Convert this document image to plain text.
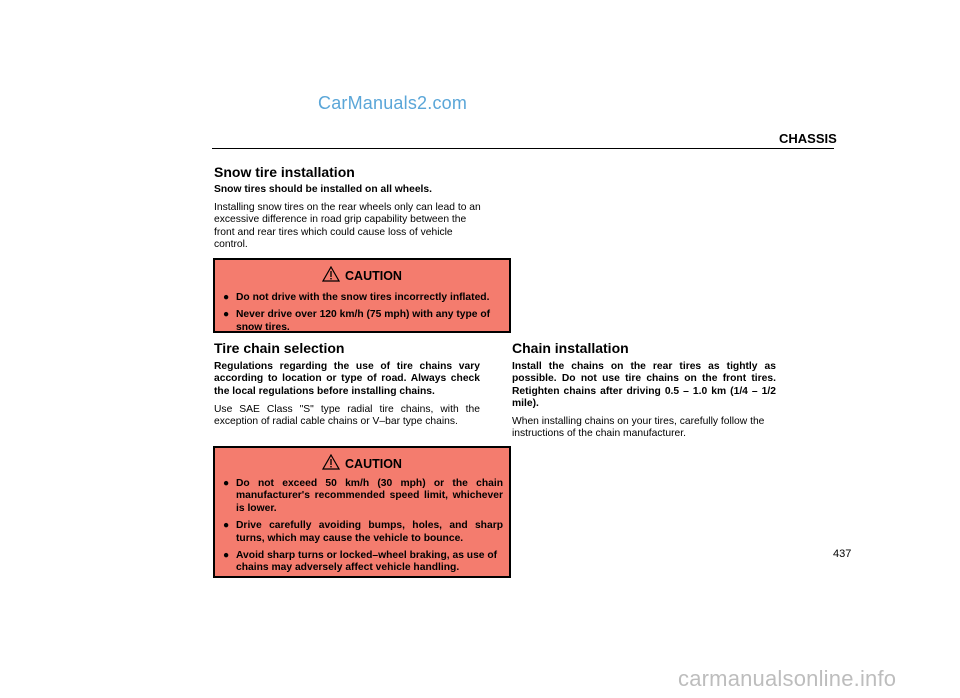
CarManuals2.com
CHASSIS
Snow tire installation
Snow tires should be installed on all wheels.
Installing snow tires on the rear wheels only can lead to an excessive difference in road grip capability between the front and rear tires which could cause loss of vehicle control.
CAUTION
● Do not drive with the snow tires incorrectly inflated.
● Never drive over 120 km/h (75 mph) with any type of snow tires.
Tire chain selection
Regulations regarding the use of tire chains vary according to location or type of road. Always check the local regulations before installing chains.
Use SAE Class "S" type radial tire chains, with the exception of radial cable chains or V–bar type chains.
CAUTION
● Do not exceed 50 km/h (30 mph) or the chain manufacturer's recommended speed limit, whichever is lower.
● Drive carefully avoiding bumps, holes, and sharp turns, which may cause the vehicle to bounce.
● Avoid sharp turns or locked–wheel braking, as use of chains may adversely affect vehicle handling.
Chain installation
Install the chains on the rear tires as tightly as possible. Do not use tire chains on the front tires. Retighten chains after driving 0.5 – 1.0 km (1/4 – 1/2 mile).
When installing chains on your tires, carefully follow the instructions of the chain manufacturer.
437
carmanualsonline.info
